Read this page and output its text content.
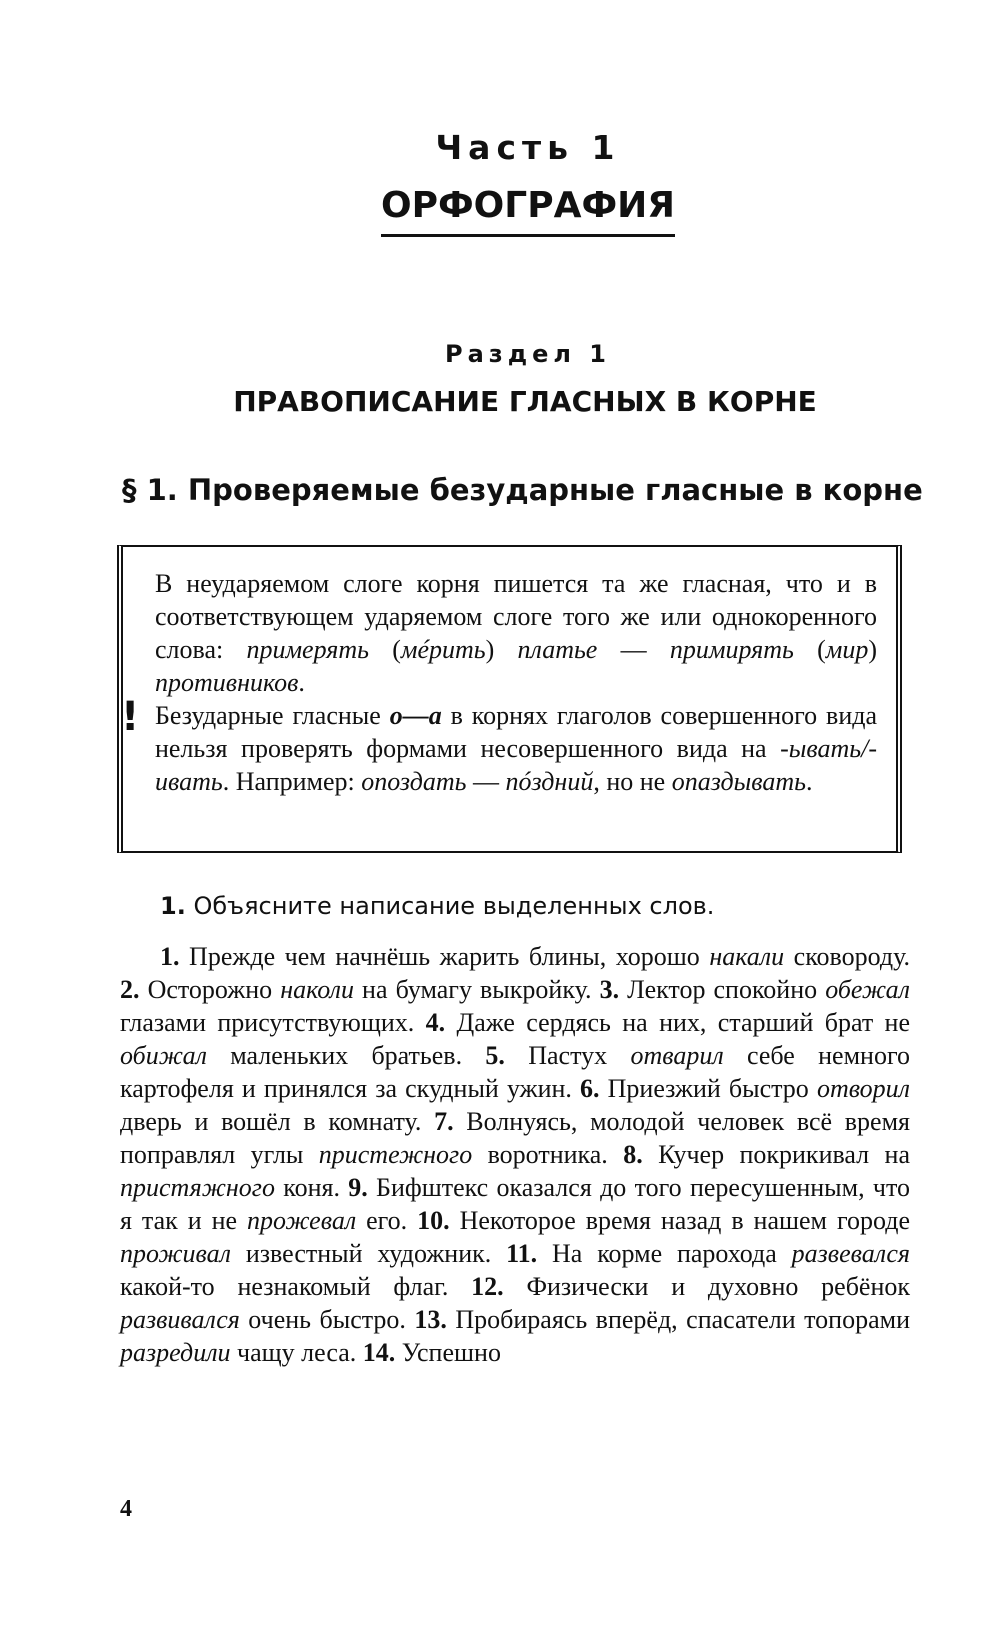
Часть 1
ОРФОГРАФИЯ
Раздел 1
ПРАВОПИСАНИЕ ГЛАСНЫХ В КОРНЕ
§ 1. Проверяемые безударные гласные в корне

В неударяемом слоге корня пишется та же гласная, что и в соответствующем ударяемом слоге того же или однокоренного слова: примерять (мéрить) платье — примирять (мир) противников.

! Безударные гласные о—а в корнях глаголов совершенного вида нельзя проверять формами несовершенного вида на -ывать/-ивать. Например: опоздать — пóздний, но не опаздывать.

1. Объясните написание выделенных слов.

1. Прежде чем начнёшь жарить блины, хорошо накали сковороду. 2. Осторожно наколи на бумагу выкройку. 3. Лектор спокойно обежал глазами присутствующих. 4. Даже сердясь на них, старший брат не обижал маленьких братьев. 5. Пастух отварил себе немного картофеля и принялся за скудный ужин. 6. Приезжий быстро отворил дверь и вошёл в комнату. 7. Волнуясь, молодой человек всё время поправлял углы пристежного воротника. 8. Кучер покрикивал на пристяжного коня. 9. Бифштекс оказался до того пересушенным, что я так и не прожевал его. 10. Некоторое время назад в нашем городе проживал известный художник. 11. На корме парохода развевался какой-то незнакомый флаг. 12. Физически и духовно ребёнок развивался очень быстро. 13. Пробираясь вперёд, спасатели топорами разредили чащу леса. 14. Успешно

4
